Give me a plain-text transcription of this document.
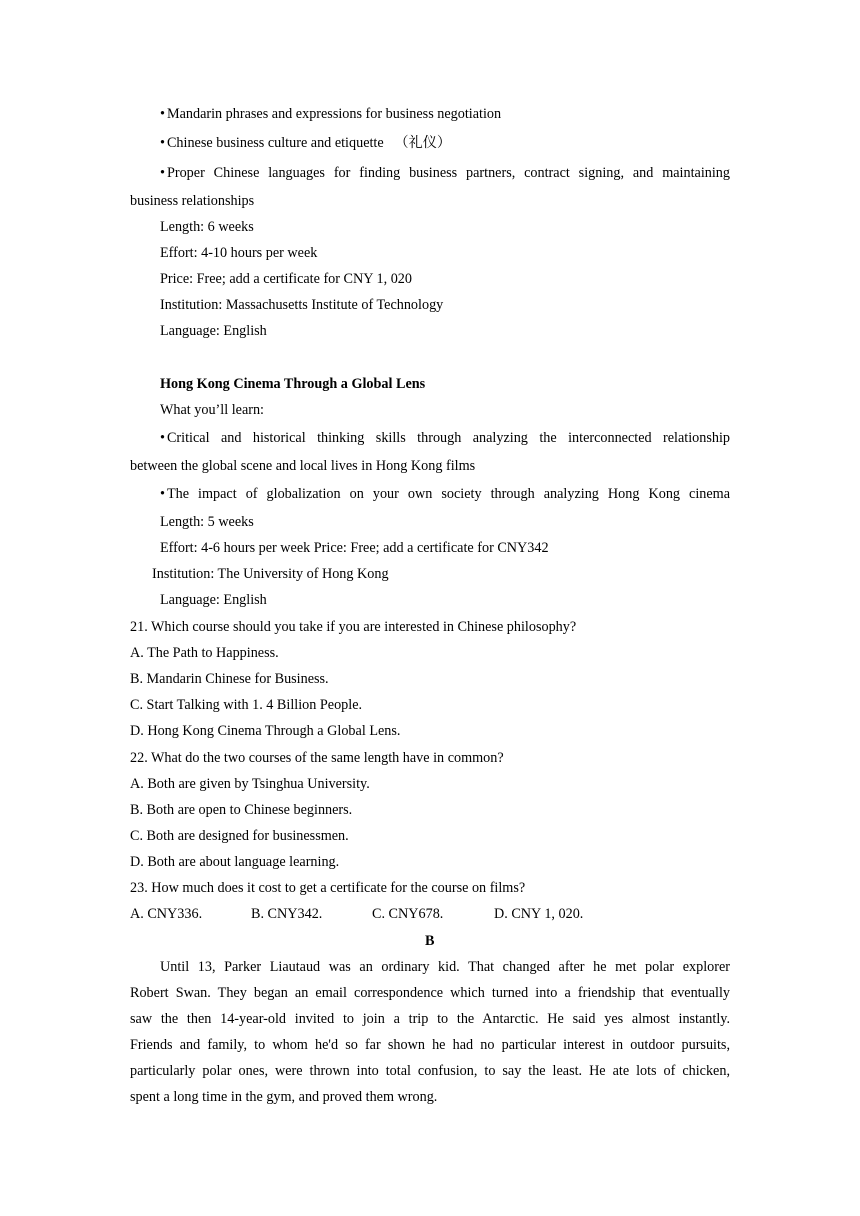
• Mandarin phrases and expressions for business negotiation
• Chinese business culture and etiquette （礼仪）
• Proper Chinese languages for finding business partners, contract signing, and maintaining
business relationships
Length: 6 weeks
Effort: 4-10 hours per week
Price: Free; add a certificate for CNY 1, 020
Institution: Massachusetts Institute of Technology
Language: English
Hong Kong Cinema Through a Global Lens
What you’ll learn:
• Critical and historical thinking skills through analyzing the interconnected relationship
between the global scene and local lives in Hong Kong films
• The impact of globalization on your own society through analyzing Hong Kong cinema
Length: 5 weeks
Effort: 4-6 hours per week Price: Free; add a certificate for CNY342
Institution: The University of Hong Kong
Language: English
21. Which course should you take if you are interested in Chinese philosophy?
A. The Path to Happiness.
B. Mandarin Chinese for Business.
C. Start Talking with 1. 4 Billion People.
D. Hong Kong Cinema Through a Global Lens.
22. What do the two courses of the same length have in common?
A. Both are given by Tsinghua University.
B. Both are open to Chinese beginners.
C. Both are designed for businessmen.
D. Both are about language learning.
23. How much does it cost to get a certificate for the course on films?
A. CNY336.	B. CNY342.	C. CNY678.	D. CNY 1, 020.
B
Until 13, Parker Liautaud was an ordinary kid. That changed after he met polar explorer
Robert Swan. They began an email correspondence which turned into a friendship that eventually
saw the then 14-year-old invited to join a trip to the Antarctic. He said yes almost instantly.
Friends and family, to whom he'd so far shown he had no particular interest in outdoor pursuits,
particularly polar ones, were thrown into total confusion, to say the least. He ate lots of chicken,
spent a long time in the gym, and proved them wrong.
